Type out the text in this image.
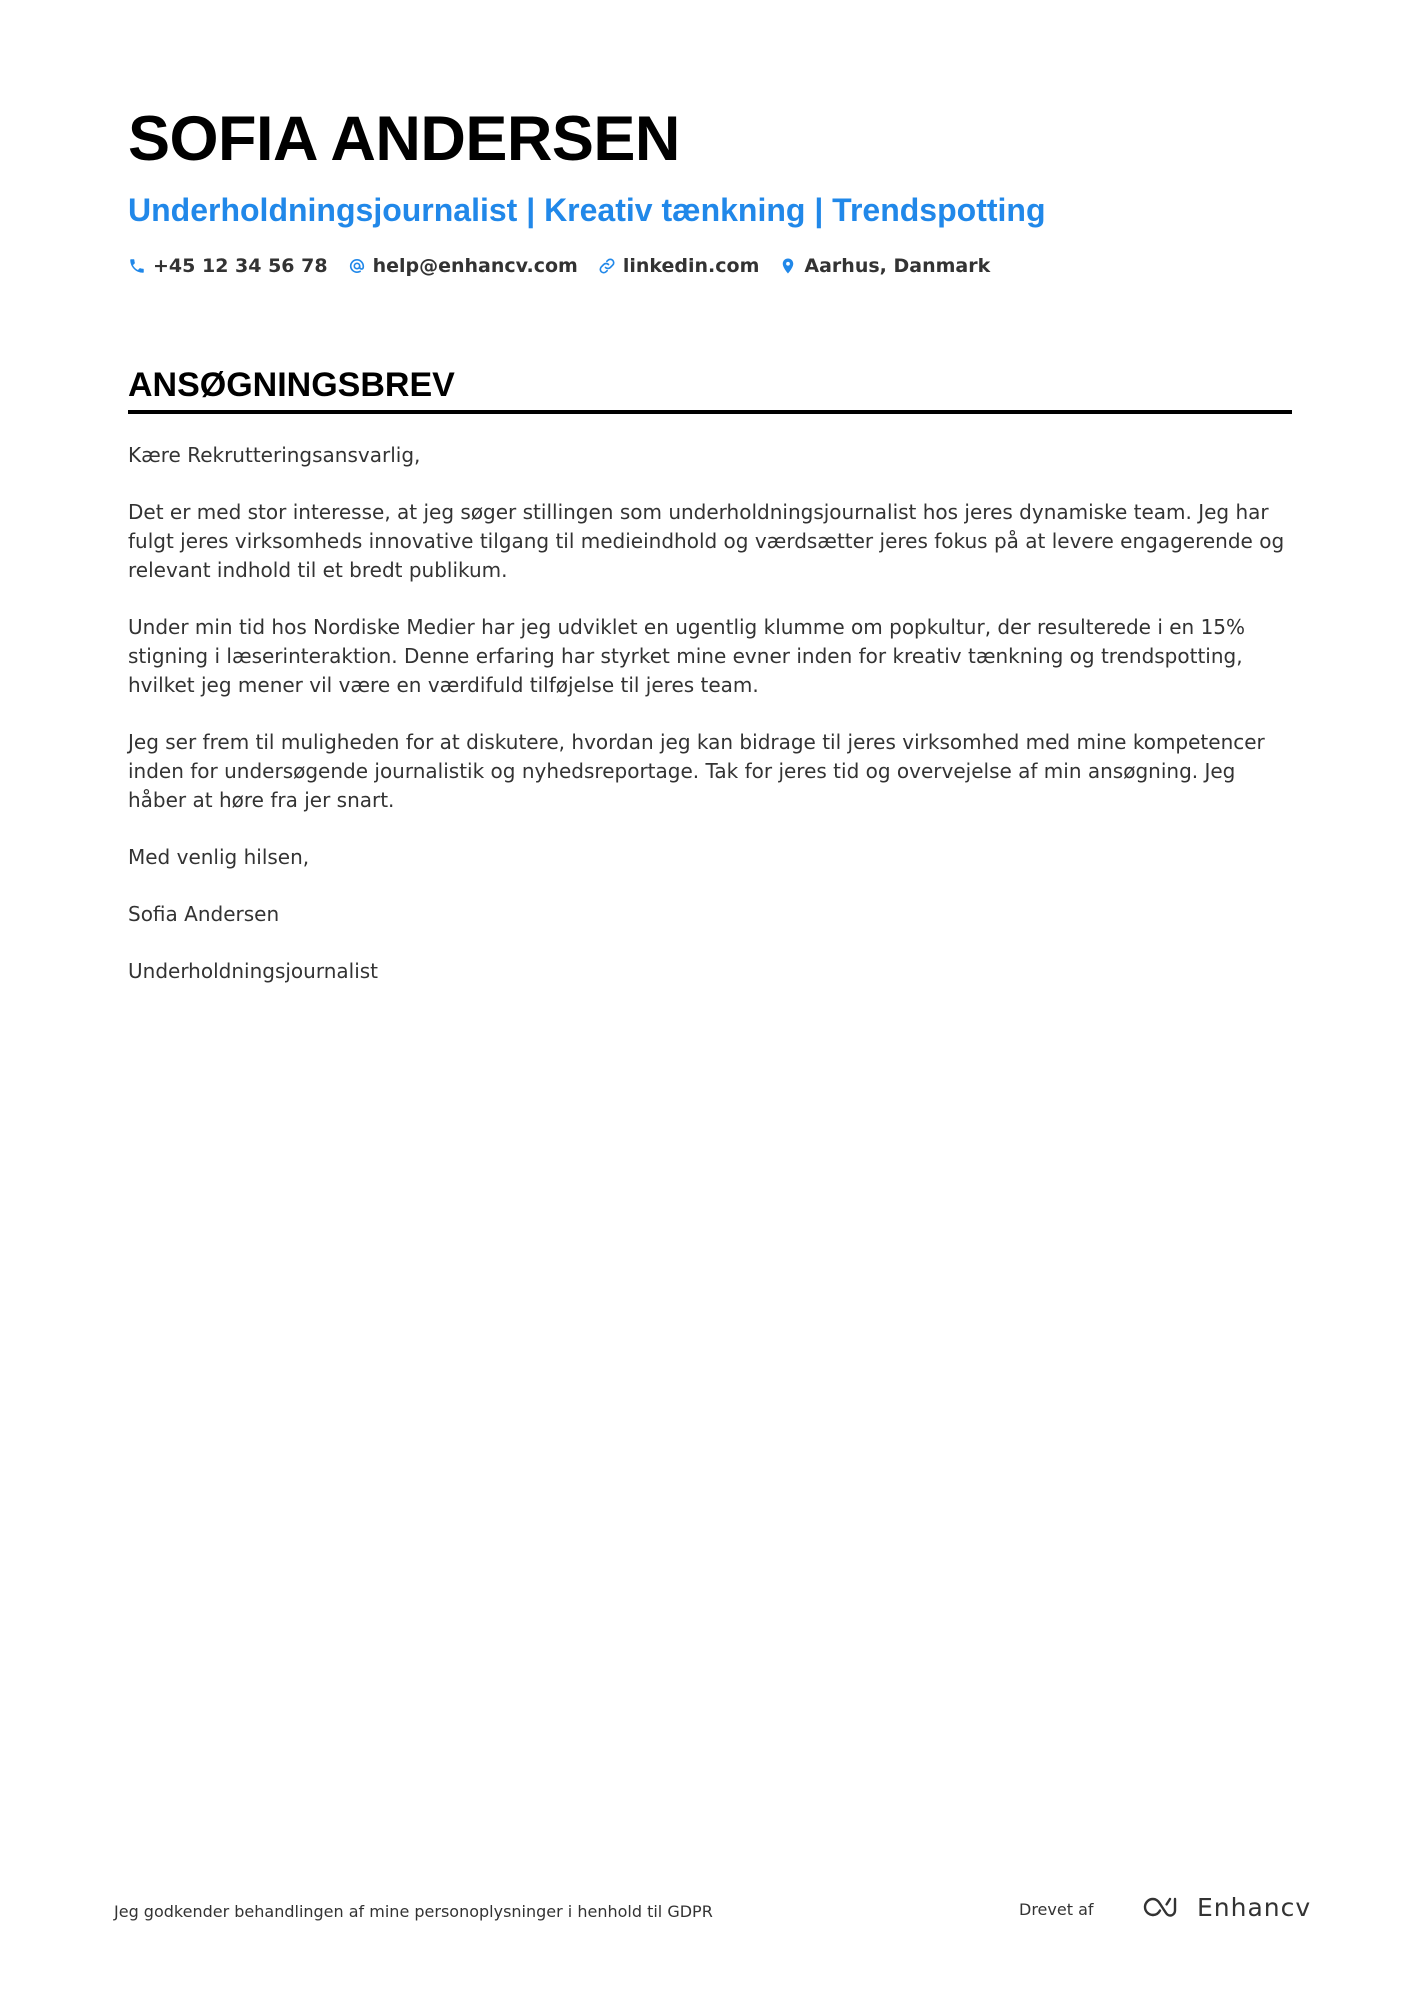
SOFIA ANDERSEN
Underholdningsjournalist | Kreativ tænkning | Trendspotting
+45 12 34 56 78 help@enhancv.com linkedin.com Aarhus, Danmark
ANSØGNINGSBREV

Kære Rekrutteringsansvarlig,

Det er med stor interesse, at jeg søger stillingen som underholdningsjournalist hos jeres dynamiske team. Jeg har fulgt jeres virksomheds innovative tilgang til medieindhold og værdsætter jeres fokus på at levere engagerende og relevant indhold til et bredt publikum.

Under min tid hos Nordiske Medier har jeg udviklet en ugentlig klumme om popkultur, der resulterede i en 15% stigning i læserinteraktion. Denne erfaring har styrket mine evner inden for kreativ tænkning og trendspotting, hvilket jeg mener vil være en værdifuld tilføjelse til jeres team.

Jeg ser frem til muligheden for at diskutere, hvordan jeg kan bidrage til jeres virksomhed med mine kompetencer inden for undersøgende journalistik og nyhedsreportage. Tak for jeres tid og overvejelse af min ansøgning. Jeg håber at høre fra jer snart.

Med venlig hilsen,

Sofia Andersen

Underholdningsjournalist

Jeg godkender behandlingen af mine personoplysninger i henhold til GDPR	Drevet af	Enhancv
